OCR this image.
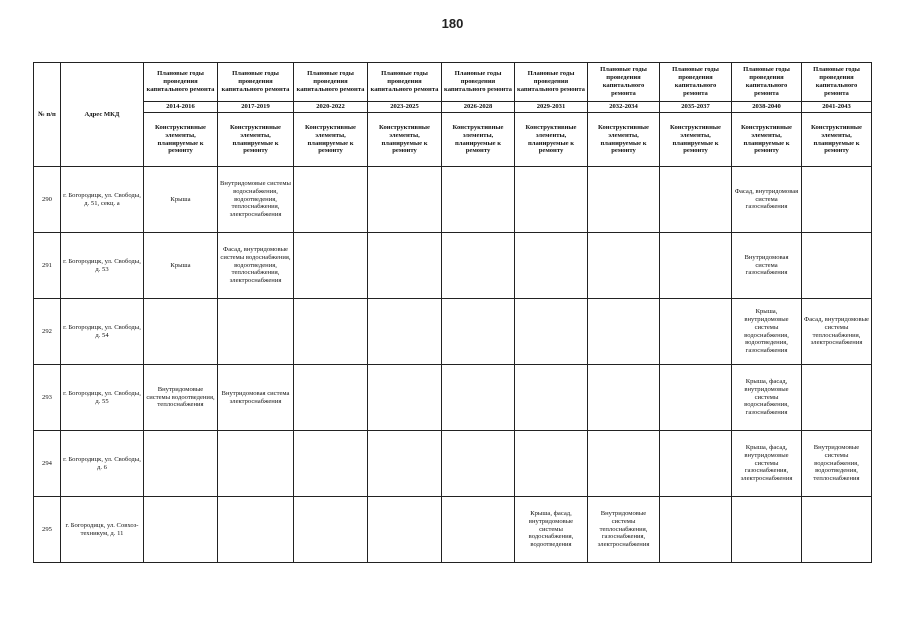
180
№ п/п	Адрес МКД	Плановые годы проведения капитального ремонта	Плановые годы проведения капитального ремонта	Плановые годы проведения капитального ремонта	Плановые годы проведения капитального ремонта	Плановые годы проведения капитального ремонта	Плановые годы проведения капитального ремонта	Плановые годы проведения капитального ремонта	Плановые годы проведения капитального ремонта	Плановые годы проведения капитального ремонта	Плановые годы проведения капитального ремонта
		2014-2016	2017-2019	2020-2022	2023-2025	2026-2028	2029-2031	2032-2034	2035-2037	2038-2040	2041-2043
		Конструктивные элементы, планируемые к ремонту	Конструктивные элементы, планируемые к ремонту	Конструктивные элементы, планируемые к ремонту	Конструктивные элементы, планируемые к ремонту	Конструктивные элементы, планируемые к ремонту	Конструктивные элементы, планируемые к ремонту	Конструктивные элементы, планируемые к ремонту	Конструктивные элементы, планируемые к ремонту	Конструктивные элементы, планируемые к ремонту	Конструктивные элементы, планируемые к ремонту
290	г. Богородицк, ул. Свободы, д. 51, секц. а	Крыша	Внутридомовые системы водоснабжения, водоотведения, теплоснабжения, электроснабжения							Фасад, внутридомовая система газоснабжения	
291	г. Богородицк, ул. Свободы, д. 53	Крыша	Фасад, внутридомовые системы водоснабжения, водоотведения, теплоснабжения, электроснабжения							Внутридомовая система газоснабжения	
292	г. Богородицк, ул. Свободы, д. 54									Крыша, внутридомовые системы водоснабжения, водоотведения, газоснабжения	Фасад, внутридомовые системы теплоснабжения, электроснабжения
293	г. Богородицк, ул. Свободы, д. 55	Внутридомовые системы водоотведения, теплоснабжения	Внутридомовая система электроснабжения							Крыша, фасад, внутридомовые системы водоснабжения, газоснабжения	
294	г. Богородицк, ул. Свободы, д. 6									Крыша, фасад, внутридомовые системы газоснабжения, электроснабжения	Внутридомовые системы водоснабжения, водоотведения, теплоснабжения
295	г. Богородицк, ул. Совхоз-техникум, д. 11						Крыша, фасад, внутридомовые системы водоснабжения, водоотведения	Внутридомовые системы теплоснабжения, газоснабжения, электроснабжения			
